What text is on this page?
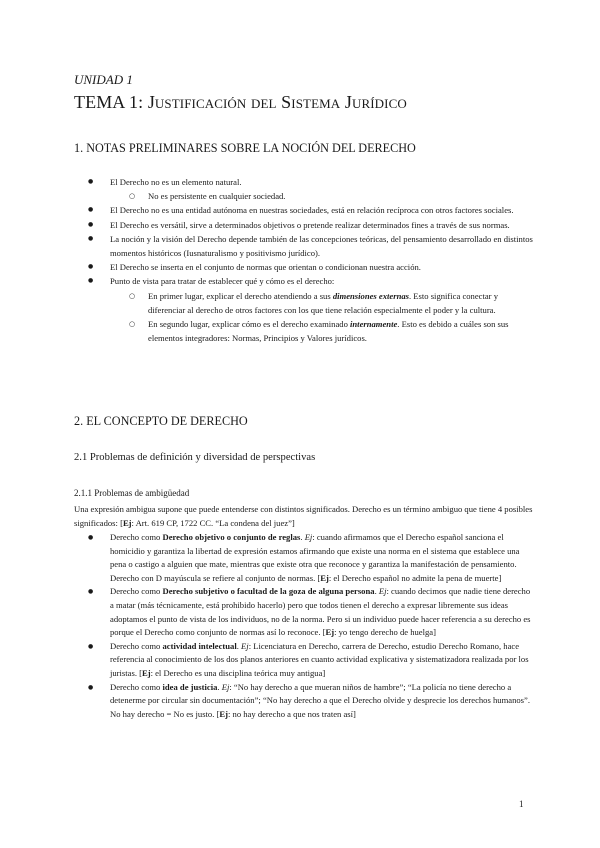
UNIDAD 1
TEMA 1: Justificación del Sistema Jurídico
1. NOTAS PRELIMINARES SOBRE LA NOCIÓN DEL DERECHO
● El Derecho no es un elemento natural.
○ No es persistente en cualquier sociedad.
● El Derecho no es una entidad autónoma en nuestras sociedades, está en relación recíproca con otros factores sociales.
● El Derecho es versátil, sirve a determinados objetivos o pretende realizar determinados fines a través de sus normas.
● La noción y la visión del Derecho depende también de las concepciones teóricas, del pensamiento desarrollado en distintos momentos históricos (Iusnaturalismo y positivismo jurídico).
● El Derecho se inserta en el conjunto de normas que orientan o condicionan nuestra acción.
● Punto de vista para tratar de establecer qué y cómo es el derecho:
○ En primer lugar, explicar el derecho atendiendo a sus dimensiones externas. Esto significa conectar y diferenciar al derecho de otros factores con los que tiene relación especialmente el poder y la cultura.
○ En segundo lugar, explicar cómo es el derecho examinado internamente. Esto es debido a cuáles son sus elementos integradores: Normas, Principios y Valores jurídicos.
2. EL CONCEPTO DE DERECHO
2.1 Problemas de definición y diversidad de perspectivas
2.1.1 Problemas de ambigüedad
Una expresión ambigua supone que puede entenderse con distintos significados. Derecho es un término ambiguo que tiene 4 posibles significados: [Ej: Art. 619 CP, 1722 CC. “La condena del juez”]
● Derecho como Derecho objetivo o conjunto de reglas. Ej: cuando afirmamos que el Derecho español sanciona el homicidio y garantiza la libertad de expresión estamos afirmando que existe una norma en el sistema que establece una pena o castigo a alguien que mate, mientras que existe otra que reconoce y garantiza la manifestación de pensamiento. Derecho con D mayúscula se refiere al conjunto de normas. [Ej: el Derecho español no admite la pena de muerte]
● Derecho como Derecho subjetivo o facultad de la goza de alguna persona. Ej: cuando decimos que nadie tiene derecho a matar (más técnicamente, está prohibido hacerlo) pero que todos tienen el derecho a expresar libremente sus ideas adoptamos el punto de vista de los individuos, no de la norma. Pero si un individuo puede hacer referencia a su derecho es porque el Derecho como conjunto de normas así lo reconoce. [Ej: yo tengo derecho de huelga]
● Derecho como actividad intelectual. Ej: Licenciatura en Derecho, carrera de Derecho, estudio Derecho Romano, hace referencia al conocimiento de los dos planos anteriores en cuanto actividad explicativa y sistematizadora realizada por los juristas. [Ej: el Derecho es una disciplina teórica muy antigua]
● Derecho como idea de justicia. Ej: “No hay derecho a que mueran niños de hambre”; “La policía no tiene derecho a detenerme por circular sin documentación”; “No hay derecho a que el Derecho olvide y desprecie los derechos humanos”. No hay derecho = No es justo. [Ej: no hay derecho a que nos traten así]
1
